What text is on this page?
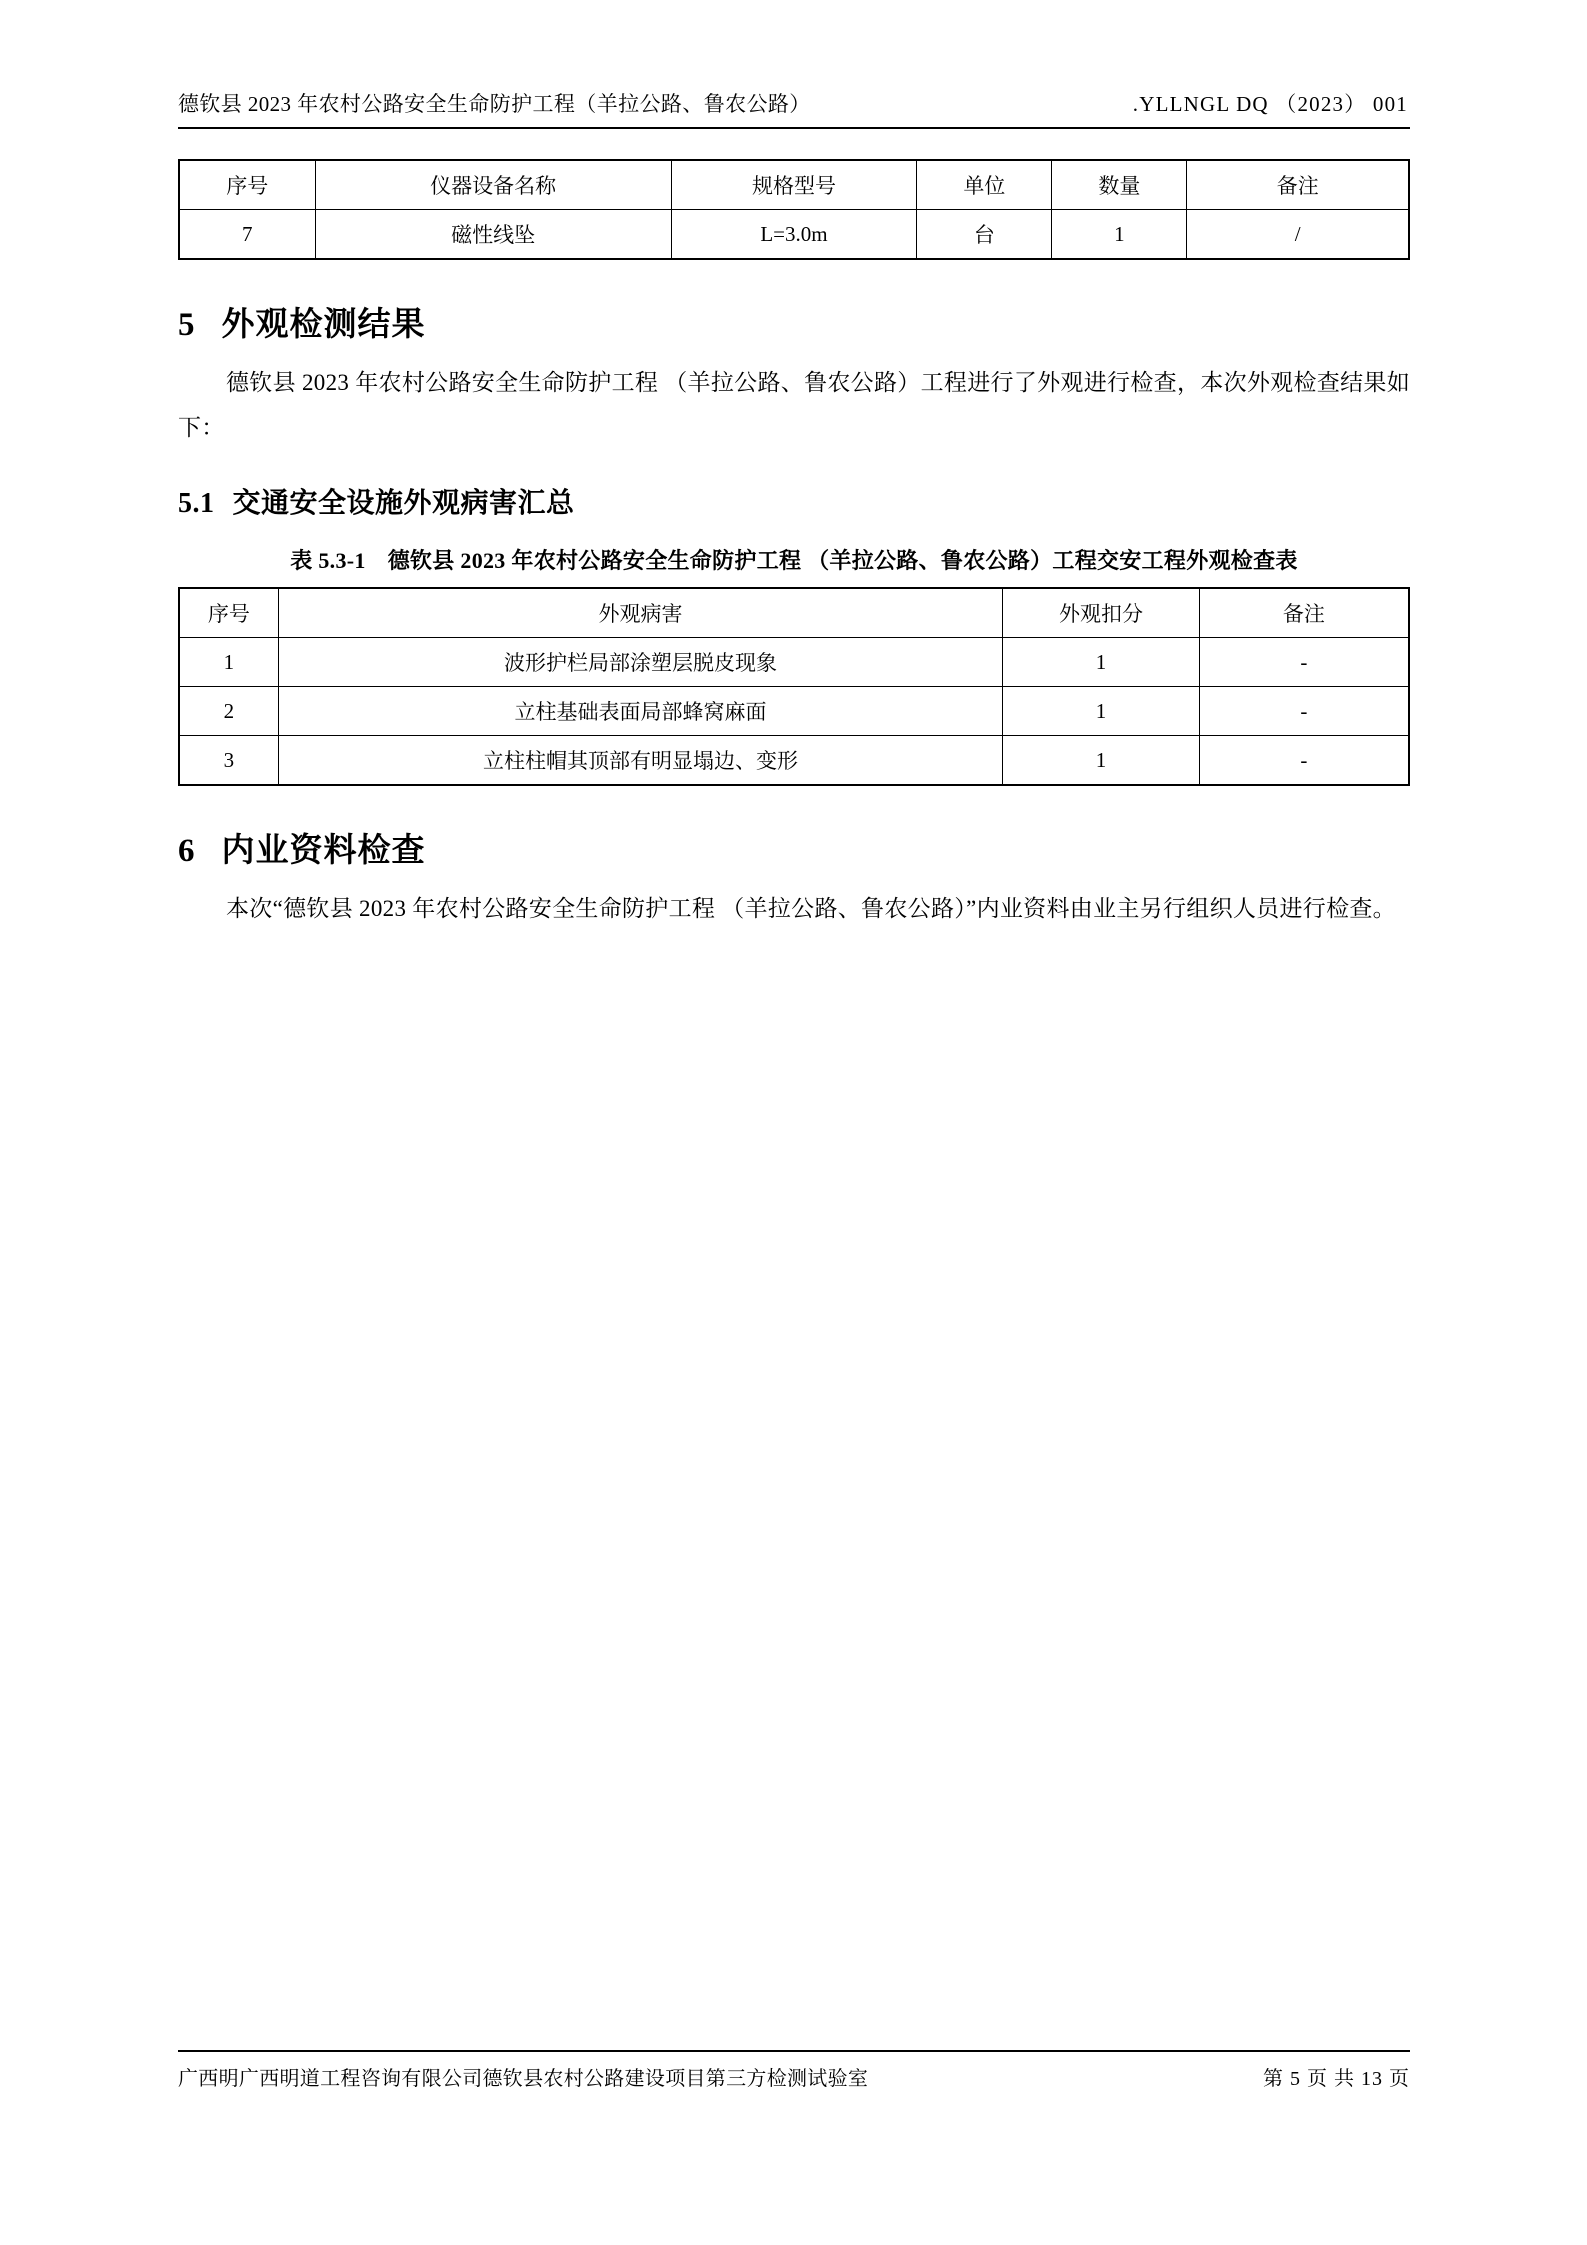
德钦县 2023 年农村公路安全生命防护工程（羊拉公路、鲁农公路）	.YLLNGL DQ （2023） 001
序号	仪器设备名称	规格型号	单位	数量	备注
7	磁性线坠	L=3.0m	台	1	/
5 外观检测结果

德钦县 2023 年农村公路安全生命防护工程 （羊拉公路、鲁农公路）工程进行了外观进行检查，本次外观检查结果如下：

5.1 交通安全设施外观病害汇总
表 5.3-1 德钦县 2023 年农村公路安全生命防护工程 （羊拉公路、鲁农公路）工程交安工程外观检查表
序号	外观病害	外观扣分	备注
1	波形护栏局部涂塑层脱皮现象	1	-
2	立柱基础表面局部蜂窝麻面	1	-
3	立柱柱帽其顶部有明显塌边、变形	1	-
6 内业资料检查

本次“德钦县 2023 年农村公路安全生命防护工程 （羊拉公路、鲁农公路）”内业资料由业主另行组织人员进行检查。

广西明广西明道工程咨询有限公司德钦县农村公路建设项目第三方检测试验室	第 5 页 共 13 页
